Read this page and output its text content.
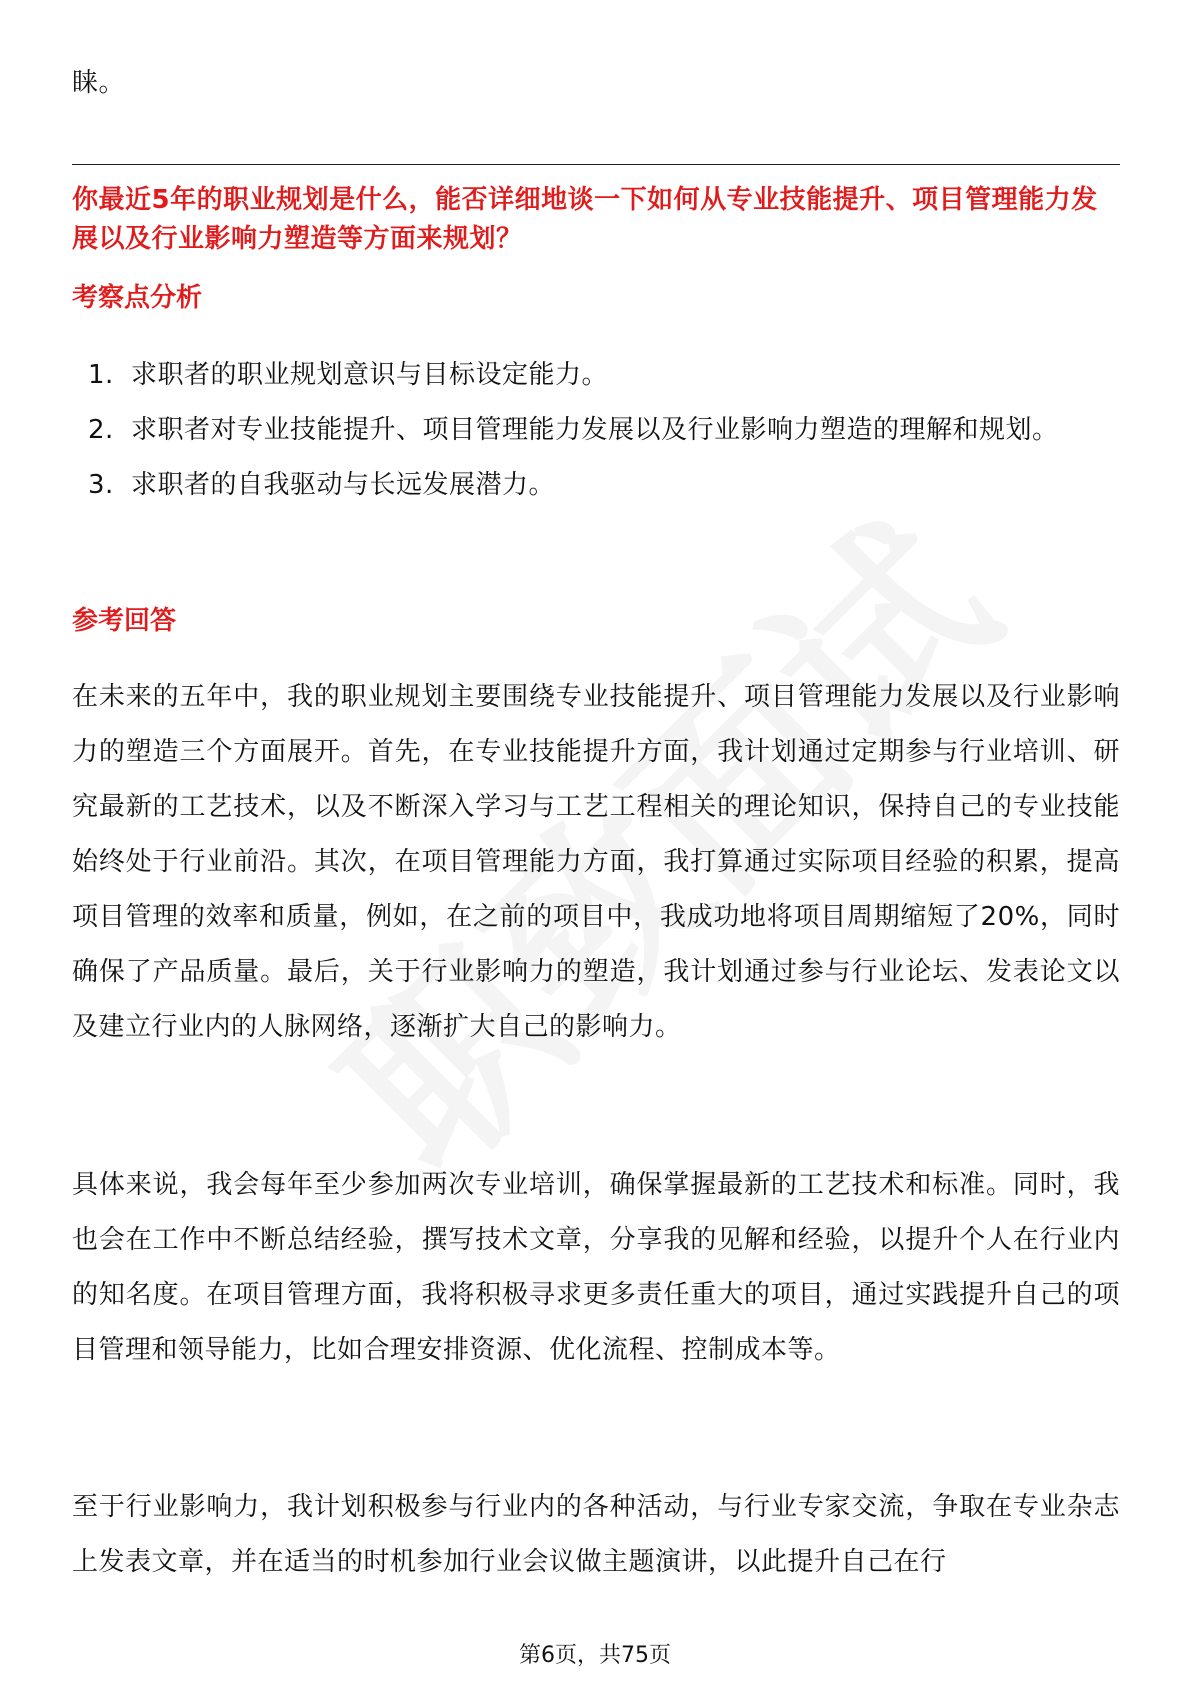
睐。
你最近5年的职业规划是什么，能否详细地谈一下如何从专业技能提升、项目管理能力发展以及行业影响力塑造等方面来规划？
考察点分析
1. 求职者的职业规划意识与目标设定能力。
2. 求职者对专业技能提升、项目管理能力发展以及行业影响力塑造的理解和规划。
3. 求职者的自我驱动与长远发展潜力。
参考回答

在未来的五年中，我的职业规划主要围绕专业技能提升、项目管理能力发展以及行业影响力的塑造三个方面展开。首先，在专业技能提升方面，我计划通过定期参与行业培训、研究最新的工艺技术，以及不断深入学习与工艺工程相关的理论知识，保持自己的专业技能始终处于行业前沿。其次，在项目管理能力方面，我打算通过实际项目经验的积累，提高项目管理的效率和质量，例如，在之前的项目中，我成功地将项目周期缩短了20%，同时确保了产品质量。最后，关于行业影响力的塑造，我计划通过参与行业论坛、发表论文以及建立行业内的人脉网络，逐渐扩大自己的影响力。

具体来说，我会每年至少参加两次专业培训，确保掌握最新的工艺技术和标准。同时，我也会在工作中不断总结经验，撰写技术文章，分享我的见解和经验，以提升个人在行业内的知名度。在项目管理方面，我将积极寻求更多责任重大的项目，通过实践提升自己的项目管理和领导能力，比如合理安排资源、优化流程、控制成本等。

至于行业影响力，我计划积极参与行业内的各种活动，与行业专家交流，争取在专业杂志上发表文章，并在适当的时机参加行业会议做主题演讲，以此提升自己在行

第6页，共75页
